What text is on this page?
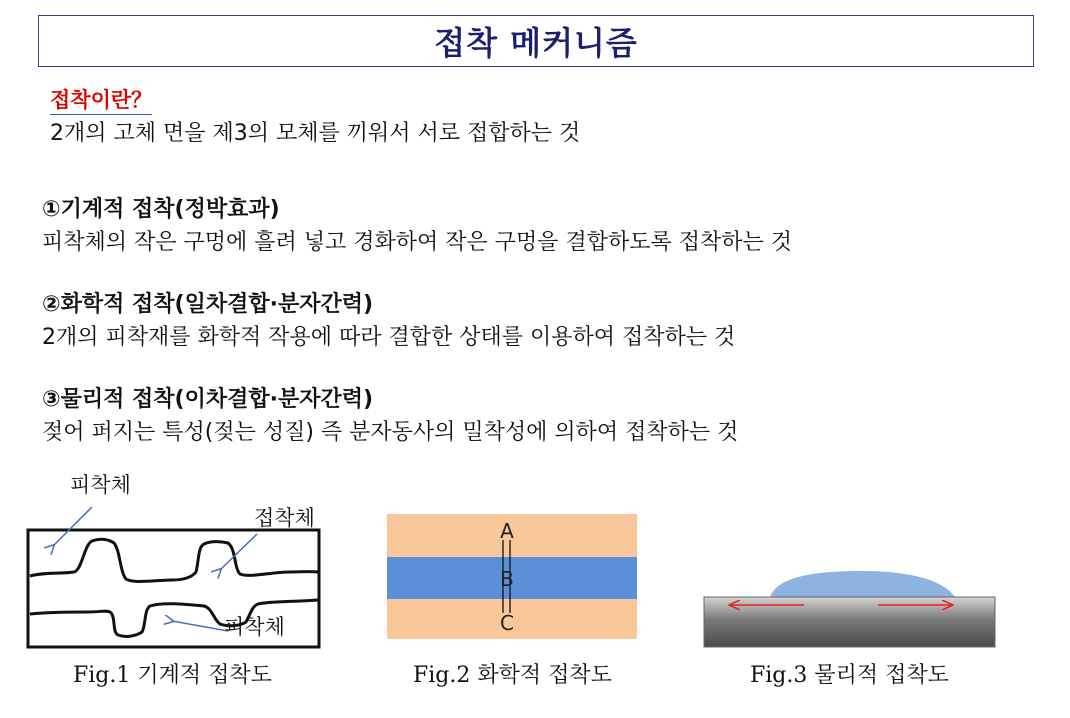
접착 메커니즘
접착이란？
2개의 고체 면을 제3의 모체를 끼워서 서로 접합하는 것
①기계적 접착(정박효과)
피착체의 작은 구멍에 흘려 넣고 경화하여 작은 구멍을 결합하도록 접착하는 것
②화학적 접착(일차결합·분자간력)
2개의 피착재를 화학적 작용에 따라 결합한 상태를 이용하여 접착하는 것
③물리적 접착(이차결합·분자간력)
젖어 퍼지는 특성(젖는 성질) 즉 분자동사의 밀착성에 의하여 접착하는 것
A
B
C
피착체
접착체
피착체
Fig.1 기계적 접착도	Fig.2 화학적 접착도	Fig.3 물리적 접착도
